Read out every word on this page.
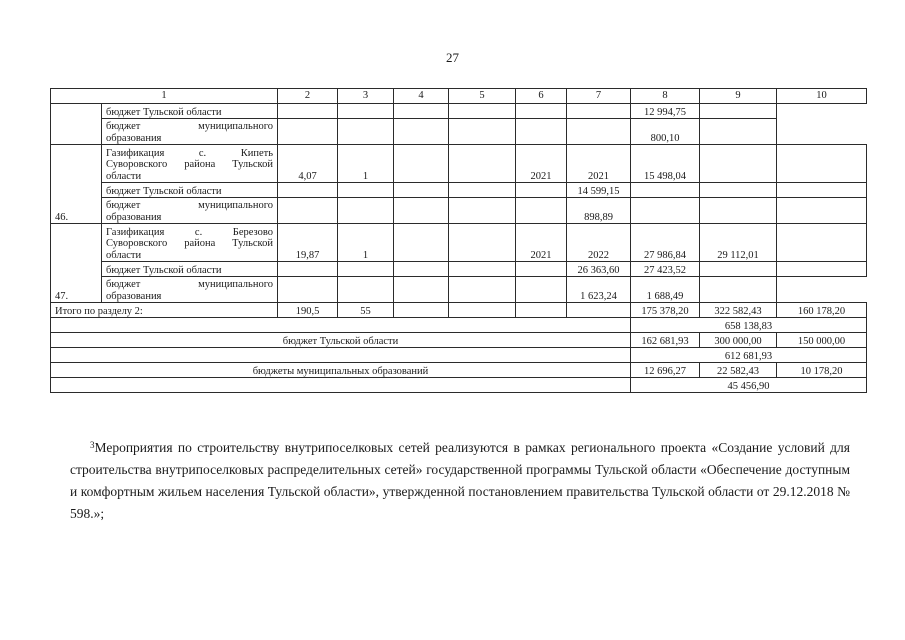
27
1		2	3	4	5	6	7	8	9	10
	бюджет Тульской области							12 994,75		
	бюджет муниципального образования							800,10		
46.	Газификация с. Кипеть Суворовского района Тульской области	4,07	1			2021	2021	15 498,04		
	бюджет Тульской области						14 599,15			
	бюджет муниципального образования						898,89			
47.	Газификация с. Березово Суворовского района Тульской области	19,87	1			2021	2022	27 986,84	29 112,01	
	бюджет Тульской области						26 363,60	27 423,52		
	бюджет муниципального образования						1 623,24	1 688,49		
Итого по разделу 2:		190,5	55					175 378,20	322 582,43	160 178,20
								658 138,83		
бюджет Тульской области								162 681,93	300 000,00	150 000,00
								612 681,93		
бюджеты муниципальных образований								12 696,27	22 582,43	10 178,20
								45 456,90		
$^3$Мероприятия по строительству внутрипоселковых сетей реализуются в рамках регионального проекта «Создание условий для строительства внутрипоселковых распределительных сетей» государственной программы Тульской области «Обеспечение доступным и комфортным жильем населения Тульской области», утвержденной постановлением правительства Тульской области от 29.12.2018 № 598.»;
